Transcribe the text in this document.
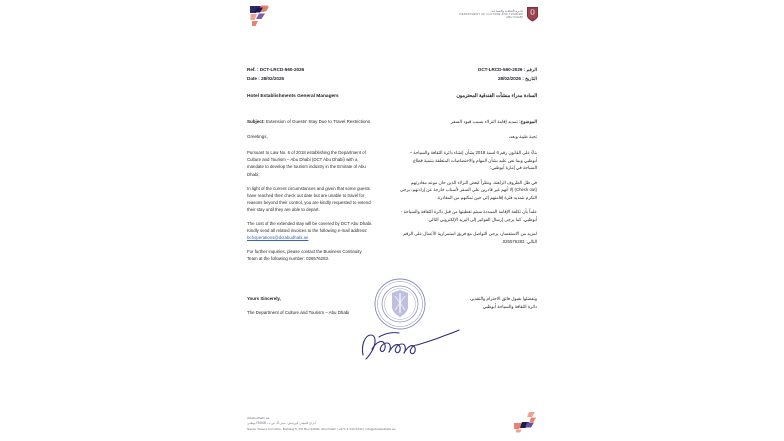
دائـرة الثقافـة والسياحـة
DEPARTMENT OF CULTURE AND TOURISM
ABU DHABI
Ref. : DCT-LRCD-560-2026	الرقم : DCT-LRCD-560-2026
Date : 28/02/2026	التاريخ : 28/02/2026
Hotel Establishments General Managers	السادة مدراء منشآت الفندقية المحترمون
Subject: Extension of Guests' Stay Due to Travel Restrictions	الموضوع: تمديد إقامة النزلاء بسبب قيود السفر
Greetings,	تحية طيبة وبعد،

Pursuant to Law No. 6 of 2018 establishing the Department of Culture and Tourism – Abu Dhabi (DCT Abu Dhabi) with a mandate to develop the tourism industry in the Emirate of Abu Dhabi;

In light of the current circumstances and given that some guests have reached their check out date but are unable to travel for reasons beyond their control, you are kindly requested to extend their stay until they are able to depart.

The cost of the extended stay will be covered by DCT Abu Dhabi. Kindly send all related invoices to the following e-mail address:
bchoperations@dctabudhabi.ae

For further inquiries, please contact the Business Continuity Team at the following number: 026576283.

بناءً على القانون رقم 6 لسنة 2018 بشأن إنشاء دائرة الثقافة والسياحة – أبوظبي وبما نص عليه بشأن المهام والاختصاصات المتعلقة بتنمية قطاع السياحة في إمارة أبوظبي؛

في ظل الظروف الراهنة، ونظراً لبعض النزلاء الذين حان موعد مغادرتهم (Check out) إلا أنهم غير قادرين على السفر لأسباب خارجة عن إرادتهم، يرجى التكرم بتمديد فترة إقامتهم إلى حين تمكنهم من المغادرة.

علماً بأن تكلفة الإقامة الممددة سيتم تغطيتها من قبل دائرة الثقافة والسياحة - أبوظبي، كما يرجى إرسال الفواتير إلى البريد الإلكتروني التالي:

لمزيد من الاستفسار، يرجى التواصل مع فريق استمرارية الأعمال على الرقم التالي: 026576283.

Yours Sincerely,
The Department of Culture and Tourism – Abu Dhabi
·····
·········
وتفضلوا بقبول فائق الاحترام والتقدير،
دائرة الثقافة والسياحة أبوظبي
dctabudhabi.ae
أبراج النيشن كورنيش، مبنى 5، ص.ب 94000 أبوظبي
Nation Towers Corniche, Building 5, PO Box 94000, Abu Dhabi | +971 2 444 0444 | info@dctabudhabi.ae
